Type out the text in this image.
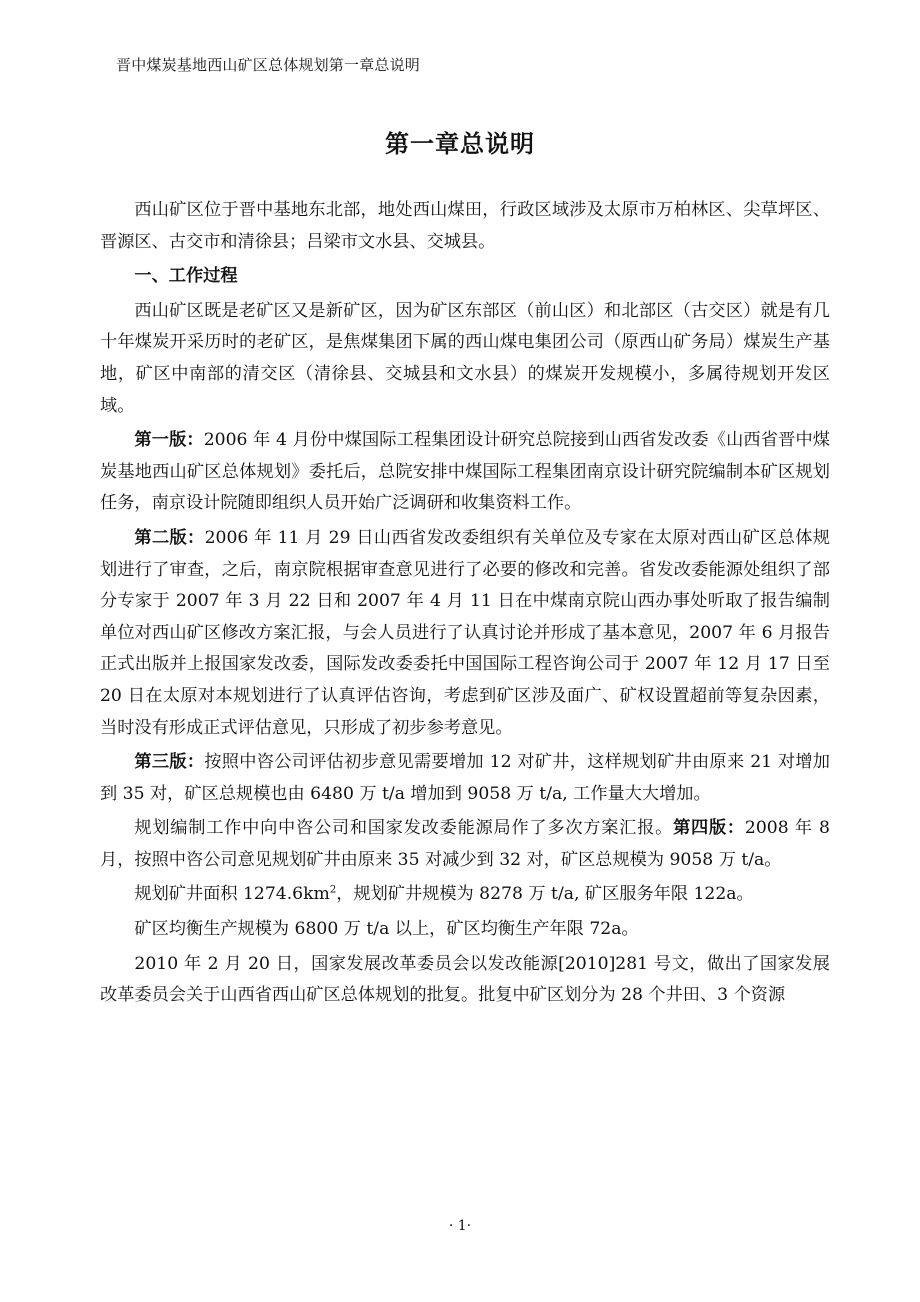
晋中煤炭基地西山矿区总体规划第一章总说明
第一章总说明

西山矿区位于晋中基地东北部，地处西山煤田，行政区域涉及太原市万柏林区、尖草坪区、晋源区、古交市和清徐县；吕梁市文水县、交城县。

一、工作过程

西山矿区既是老矿区又是新矿区，因为矿区东部区（前山区）和北部区（古交区）就是有几十年煤炭开采历时的老矿区，是焦煤集团下属的西山煤电集团公司（原西山矿务局）煤炭生产基地，矿区中南部的清交区（清徐县、交城县和文水县）的煤炭开发规模小，多属待规划开发区域。

第一版：2006 年 4 月份中煤国际工程集团设计研究总院接到山西省发改委《山西省晋中煤炭基地西山矿区总体规划》委托后，总院安排中煤国际工程集团南京设计研究院编制本矿区规划任务，南京设计院随即组织人员开始广泛调研和收集资料工作。

第二版：2006 年 11 月 29 日山西省发改委组织有关单位及专家在太原对西山矿区总体规划进行了审查，之后，南京院根据审查意见进行了必要的修改和完善。省发改委能源处组织了部分专家于 2007 年 3 月 22 日和 2007 年 4 月 11 日在中煤南京院山西办事处听取了报告编制单位对西山矿区修改方案汇报，与会人员进行了认真讨论并形成了基本意见，2007 年 6 月报告正式出版并上报国家发改委，国际发改委委托中国国际工程咨询公司于 2007 年 12 月 17 日至 20 日在太原对本规划进行了认真评估咨询，考虑到矿区涉及面广、矿权设置超前等复杂因素，当时没有形成正式评估意见，只形成了初步参考意见。

第三版：按照中咨公司评估初步意见需要增加 12 对矿井，这样规划矿井由原来 21 对增加到 35 对，矿区总规模也由 6480 万 t/a 增加到 9058 万 t/a, 工作量大大增加。

规划编制工作中向中咨公司和国家发改委能源局作了多次方案汇报。第四版：2008 年 8 月，按照中咨公司意见规划矿井由原来 35 对减少到 32 对，矿区总规模为 9058 万 t/a。

规划矿井面积 $1274.6km^2$，规划矿井规模为 8278 万 t/a, 矿区服务年限 122a。

矿区均衡生产规模为 6800 万 t/a 以上，矿区均衡生产年限 72a。

2010 年 2 月 20 日，国家发展改革委员会以发改能源[2010]281 号文，做出了国家发展改革委员会关于山西省西山矿区总体规划的批复。批复中矿区划分为 28 个井田、3 个资源

· 1·
